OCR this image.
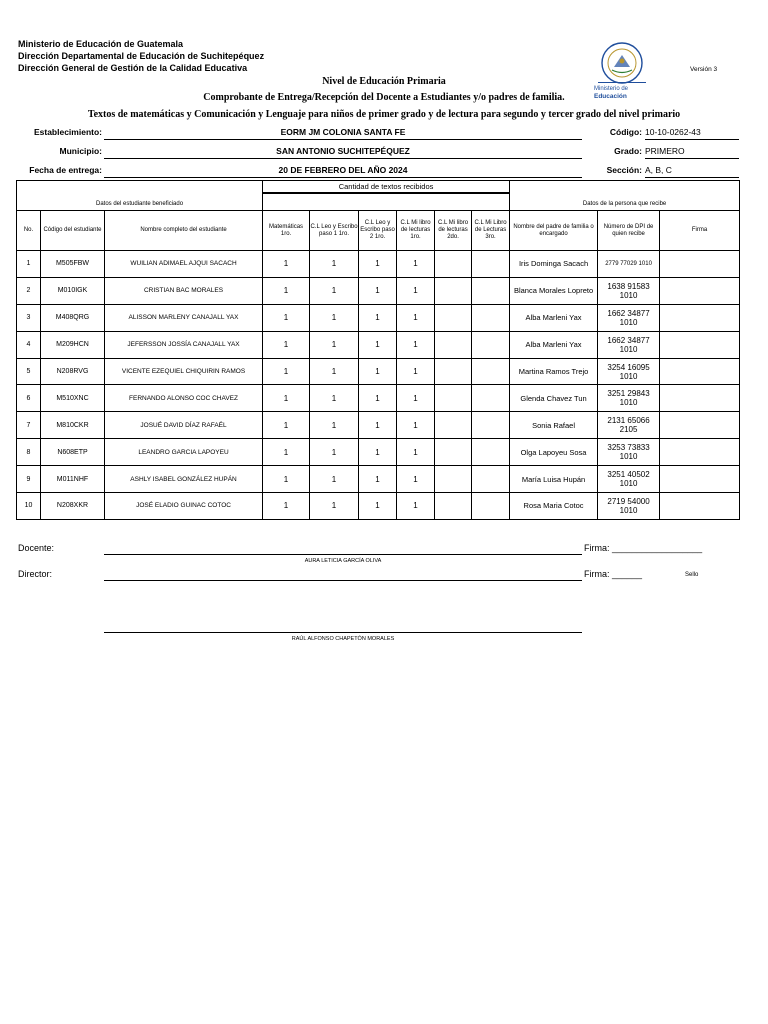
Ministerio de Educación de Guatemala
Dirección Departamental de Educación de Suchitepéquez
Dirección General de Gestión de la Calidad Educativa
Ministerio de
Educación
Versión 3
Nivel de Educación Primaria
Comprobante de Entrega/Recepción del Docente a Estudiantes y/o padres de familia.
Textos de matemáticas y Comunicación y Lenguaje para niños de primer grado y de lectura para segundo y tercer grado del nivel primario
Establecimiento:	EORM JM COLONIA SANTA FE	Código: 10-10-0262-43
Municipio:	SAN ANTONIO SUCHITEPÉQUEZ	Grado: PRIMERO
Fecha de entrega:	20 DE FEBRERO DEL AÑO 2024	Sección: A, B, C
Datos del estudiante beneficiado			Cantidad de textos recibidos						Datos de la persona que recibe		

No.	Código del estudiante	Nombre completo del estudiante	Matemáticas 1ro.	C.L Leo y Escribo paso 1 1ro.	C.L Leo y Escribo paso 2 1ro.	C.L Mi libro de lecturas 1ro.	C.L Mi libro de lecturas 2do.	C.L Mi Libro de Lecturas 3ro.	Nombre del padre de familia o encargado	Número de DPI de quien recibe	Firma
1	M505FBW	WUILIAN ADIMAEL AJQUI SACACH	1	1	1	1			Iris Dominga Sacach	2779 77029 1010	
2	M010IGK	CRISTIAN BAC MORALES	1	1	1	1			Blanca Morales Lopreto	1638 91583 1010	
3	M408QRG	ALISSON MARLENY CANAJALL YAX	1	1	1	1			Alba Marleni Yax	1662 34877 1010	
4	M209HCN	JEFERSSON JOSSÍA CANAJALL YAX	1	1	1	1			Alba Marleni Yax	1662 34877 1010	
5	N208RVG	VICENTE EZEQUIEL CHIQUIRIN RAMOS	1	1	1	1			Martina Ramos Trejo	3254 16095 1010	
6	M510XNC	FERNANDO ALONSO COC CHAVEZ	1	1	1	1			Glenda Chavez Tun	3251 29843 1010	
7	M810CKR	JOSUÉ DAVID DÍAZ RAFAÉL	1	1	1	1			Sonia Rafael	2131 65066 2105	
8	N608ETP	LEANDRO GARCIA LAPOYEU	1	1	1	1			Olga Lapoyeu Sosa	3253 73833 1010	
9	M011NHF	ASHLY ISABEL GONZÁLEZ HUPÁN	1	1	1	1			María Luisa Hupán	3251 40502 1010	
10	N208XKR	JOSÉ ELADIO GUINAC COTOC	1	1	1	1			Rosa Maria Cotoc	2719 54000 1010	
Docente:
AURA LETICIA GARCÍA OLIVA
Firma: __________________
Director:	Firma: ______	Sello
RAÚL ALFONSO CHAPETÓN MORALES
